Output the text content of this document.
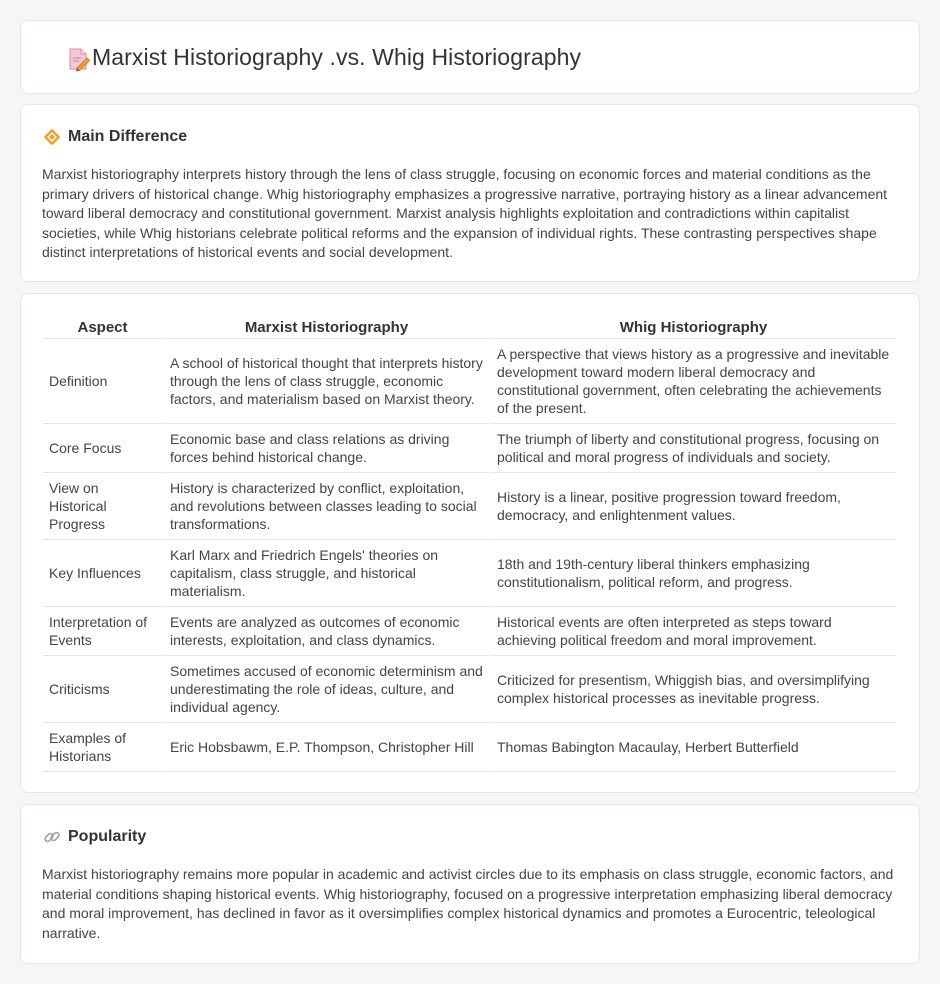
Marxist Historiography .vs. Whig Historiography
Main Difference

Marxist historiography interprets history through the lens of class struggle, focusing on economic forces and material conditions as the primary drivers of historical change. Whig historiography emphasizes a progressive narrative, portraying history as a linear advancement toward liberal democracy and constitutional government. Marxist analysis highlights exploitation and contradictions within capitalist societies, while Whig historians celebrate political reforms and the expansion of individual rights. These contrasting perspectives shape distinct interpretations of historical events and social development.

Aspect	Marxist Historiography	Whig Historiography
Definition	A school of historical thought that interprets history through the lens of class struggle, economic factors, and materialism based on Marxist theory.	A perspective that views history as a progressive and inevitable development toward modern liberal democracy and constitutional government, often celebrating the achievements of the present.
Core Focus	Economic base and class relations as driving forces behind historical change.	The triumph of liberty and constitutional progress, focusing on political and moral progress of individuals and society.
View on Historical Progress	History is characterized by conflict, exploitation, and revolutions between classes leading to social transformations.	History is a linear, positive progression toward freedom, democracy, and enlightenment values.
Key Influences	Karl Marx and Friedrich Engels' theories on capitalism, class struggle, and historical materialism.	18th and 19th-century liberal thinkers emphasizing constitutionalism, political reform, and progress.
Interpretation of Events	Events are analyzed as outcomes of economic interests, exploitation, and class dynamics.	Historical events are often interpreted as steps toward achieving political freedom and moral improvement.
Criticisms	Sometimes accused of economic determinism and underestimating the role of ideas, culture, and individual agency.	Criticized for presentism, Whiggish bias, and oversimplifying complex historical processes as inevitable progress.
Examples of Historians	Eric Hobsbawm, E.P. Thompson, Christopher Hill	Thomas Babington Macaulay, Herbert Butterfield
Popularity

Marxist historiography remains more popular in academic and activist circles due to its emphasis on class struggle, economic factors, and material conditions shaping historical events. Whig historiography, focused on a progressive interpretation emphasizing liberal democracy and moral improvement, has declined in favor as it oversimplifies complex historical dynamics and promotes a Eurocentric, teleological narrative.
